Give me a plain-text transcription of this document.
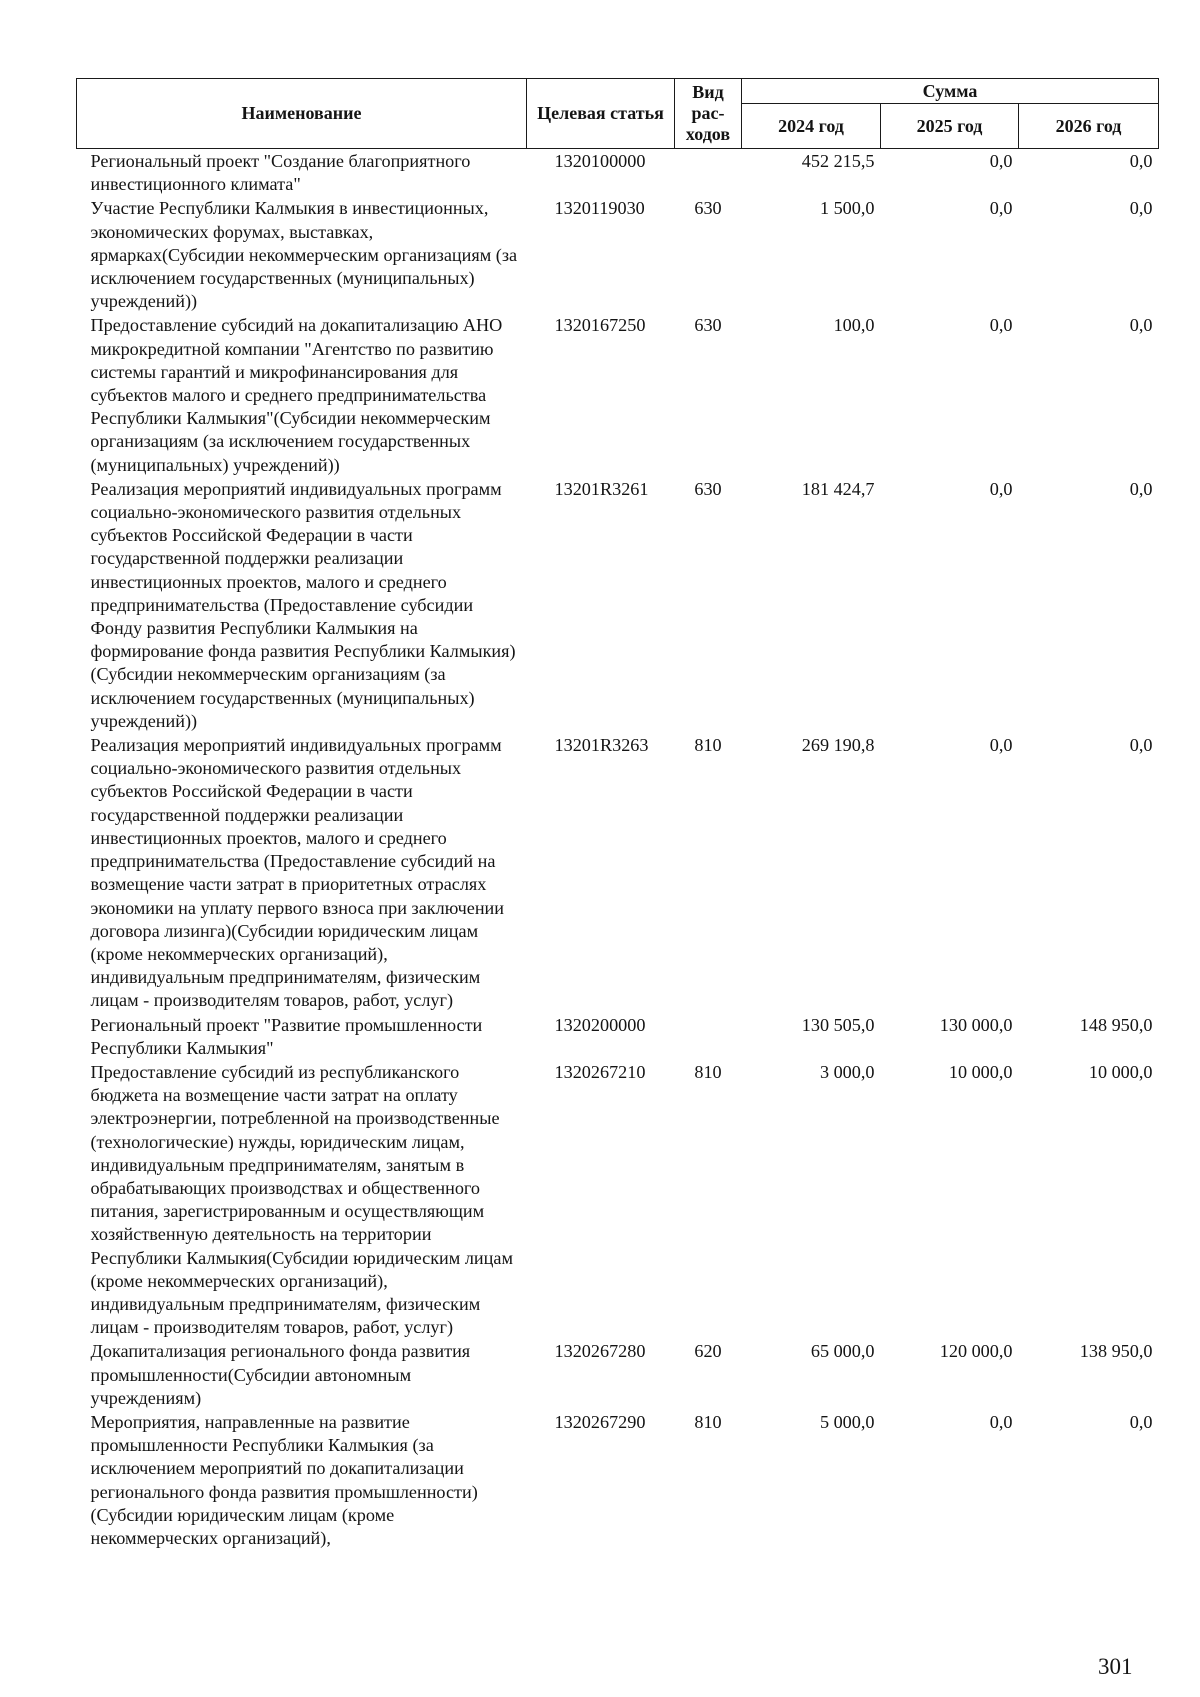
Наименование	Целевая статья	Вид рас-ходов	Сумма		
			2024 год	2025 год	2026 год
Региональный проект "Создание благоприятного инвестиционного климата"	1320100000		452 215,5	0,0	0,0
Участие Республики Калмыкия в инвестиционных, экономических форумах, выставках, ярмарках(Субсидии некоммерческим организациям (за исключением государственных (муниципальных) учреждений))	1320119030	630	1 500,0	0,0	0,0
Предоставление субсидий на докапитализацию АНО микрокредитной компании "Агентство по развитию системы гарантий и микрофинансирования для субъектов малого и среднего предпринимательства Республики Калмыкия"(Субсидии некоммерческим организациям (за исключением государственных (муниципальных) учреждений))	1320167250	630	100,0	0,0	0,0
Реализация мероприятий индивидуальных программ социально-экономического развития отдельных субъектов Российской Федерации в части государственной поддержки реализации инвестиционных проектов, малого и среднего предпринимательства (Предоставление субсидии Фонду развития Республики Калмыкия на формирование фонда развития Республики Калмыкия)(Субсидии некоммерческим организациям (за исключением государственных (муниципальных) учреждений))	13201R3261	630	181 424,7	0,0	0,0
Реализация мероприятий индивидуальных программ социально-экономического развития отдельных субъектов Российской Федерации в части государственной поддержки реализации инвестиционных проектов, малого и среднего предпринимательства (Предоставление субсидий на возмещение части затрат в приоритетных отраслях экономики на уплату первого взноса при заключении договора лизинга)(Субсидии юридическим лицам (кроме некоммерческих организаций), индивидуальным предпринимателям, физическим лицам - производителям товаров, работ, услуг)	13201R3263	810	269 190,8	0,0	0,0
Региональный проект "Развитие промышленности Республики Калмыкия"	1320200000		130 505,0	130 000,0	148 950,0
Предоставление субсидий из республиканского бюджета на возмещение части затрат на оплату электроэнергии, потребленной на производственные (технологические) нужды, юридическим лицам, индивидуальным предпринимателям, занятым в обрабатывающих производствах и общественного питания, зарегистрированным и осуществляющим хозяйственную деятельность на территории Республики Калмыкия(Субсидии юридическим лицам (кроме некоммерческих организаций), индивидуальным предпринимателям, физическим лицам - производителям товаров, работ, услуг)	1320267210	810	3 000,0	10 000,0	10 000,0
Докапитализация регионального фонда развития промышленности(Субсидии автономным учреждениям)	1320267280	620	65 000,0	120 000,0	138 950,0
Мероприятия, направленные на развитие промышленности Республики Калмыкия (за исключением мероприятий по докапитализации регионального фонда развития промышленности)(Субсидии юридическим лицам (кроме некоммерческих организаций),	1320267290	810	5 000,0	0,0	0,0
301
